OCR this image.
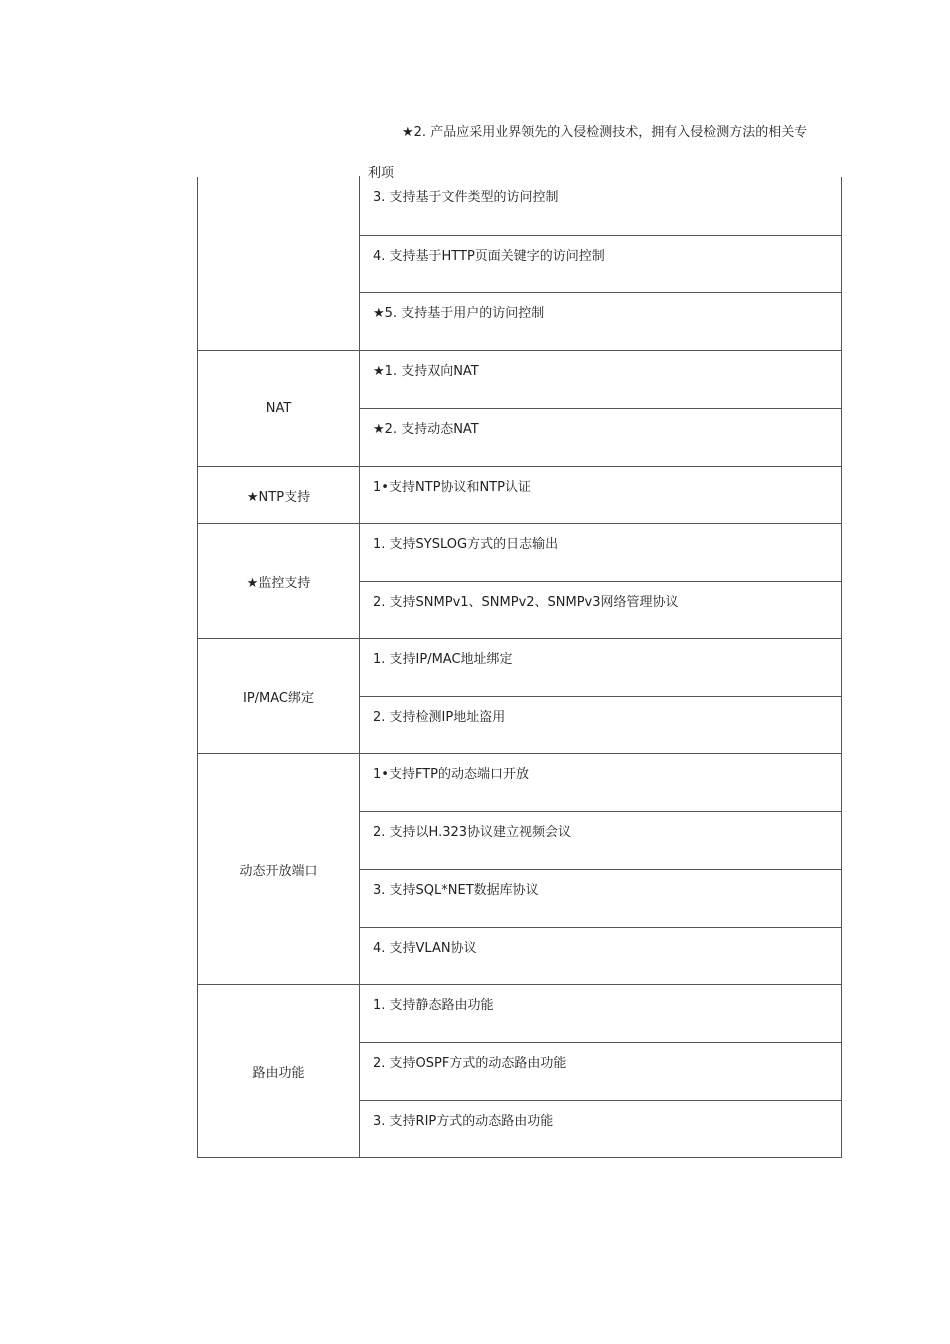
★2. 产品应采用业界领先的入侵检测技术，拥有入侵检测方法的相关专
利项
	3. 支持基于文件类型的访问控制
	4. 支持基于HTTP页面关键字的访问控制
	★5. 支持基于用户的访问控制
NAT	★1. 支持双向NAT
	★2. 支持动态NAT
★NTP支持	1•支持NTP协议和NTP认证
★监控支持	1. 支持SYSLOG方式的日志输出
	2. 支持SNMPv1、SNMPv2、SNMPv3网络管理协议
IP/MAC绑定	1. 支持IP/MAC地址绑定
	2. 支持检测IP地址盗用
动态开放端口	1•支持FTP的动态端口开放
	2. 支持以H.323协议建立视频会议
	3. 支持SQL*NET数据库协议
	4. 支持VLAN协议
路由功能	1. 支持静态路由功能
	2. 支持OSPF方式的动态路由功能
	3. 支持RIP方式的动态路由功能
